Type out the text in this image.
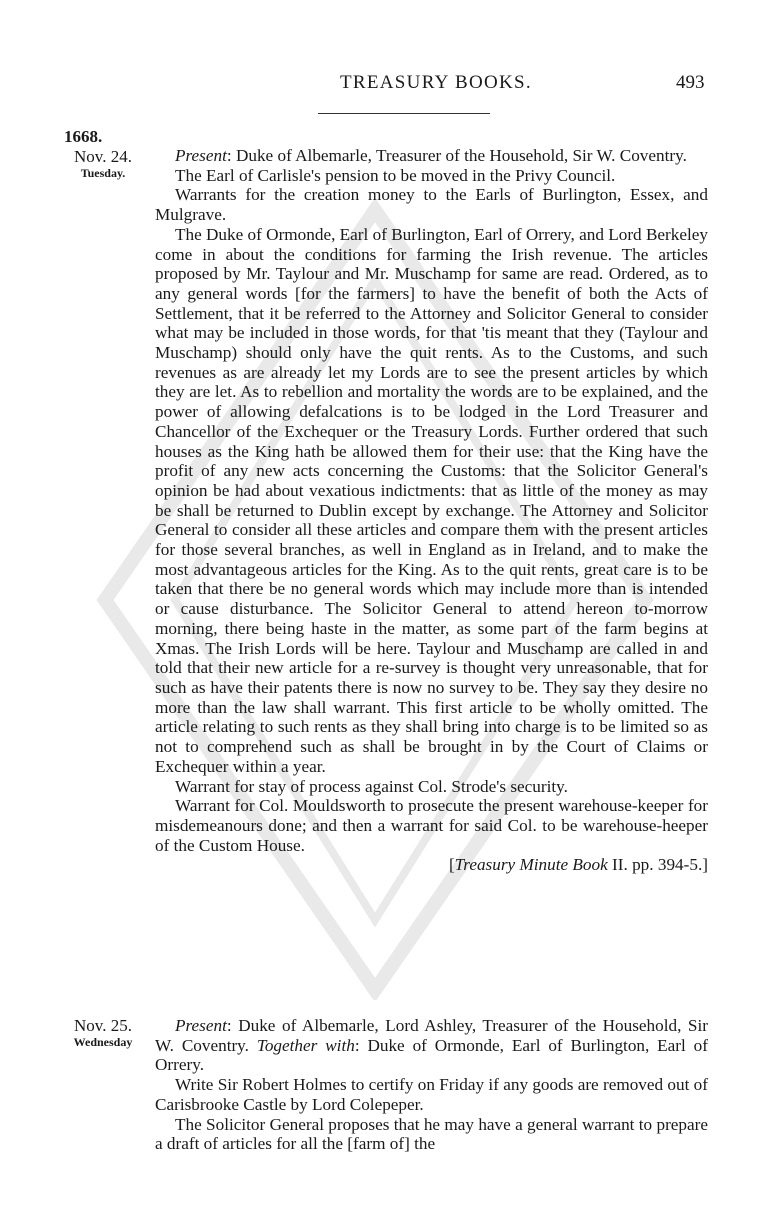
TREASURY BOOKS.	493
1668.
Nov. 24.
Tuesday.

Present: Duke of Albemarle, Treasurer of the Household, Sir W. Coventry.

The Earl of Carlisle's pension to be moved in the Privy Council.

Warrants for the creation money to the Earls of Burlington, Essex, and Mulgrave.

The Duke of Ormonde, Earl of Burlington, Earl of Orrery, and Lord Berkeley come in about the conditions for farming the Irish revenue. The articles proposed by Mr. Taylour and Mr. Muschamp for same are read. Ordered, as to any general words [for the farmers] to have the benefit of both the Acts of Settlement, that it be referred to the Attorney and Solicitor General to consider what may be included in those words, for that 'tis meant that they (Taylour and Muschamp) should only have the quit rents. As to the Customs, and such revenues as are already let my Lords are to see the present articles by which they are let. As to rebellion and mortality the words are to be explained, and the power of allowing defalcations is to be lodged in the Lord Treasurer and Chancellor of the Exchequer or the Treasury Lords. Further ordered that such houses as the King hath be allowed them for their use: that the King have the profit of any new acts concerning the Customs: that the Solicitor General's opinion be had about vexatious indictments: that as little of the money as may be shall be returned to Dublin except by exchange. The Attorney and Solicitor General to consider all these articles and compare them with the present articles for those several branches, as well in England as in Ireland, and to make the most advantageous articles for the King. As to the quit rents, great care is to be taken that there be no general words which may include more than is intended or cause disturbance. The Solicitor General to attend hereon to-morrow morning, there being haste in the matter, as some part of the farm begins at Xmas. The Irish Lords will be here. Taylour and Muschamp are called in and told that their new article for a re-survey is thought very unreasonable, that for such as have their patents there is now no survey to be. They say they desire no more than the law shall warrant. This first article to be wholly omitted. The article relating to such rents as they shall bring into charge is to be limited so as not to comprehend such as shall be brought in by the Court of Claims or Exchequer within a year.

Warrant for stay of process against Col. Strode's security.

Warrant for Col. Mouldsworth to prosecute the present warehouse-keeper for misdemeanours done; and then a warrant for said Col. to be warehouse-heeper of the Custom House.

[Treasury Minute Book II. pp. 394-5.]

Nov. 25.
Wednesday

Present: Duke of Albemarle, Lord Ashley, Treasurer of the Household, Sir W. Coventry. Together with: Duke of Ormonde, Earl of Burlington, Earl of Orrery.

Write Sir Robert Holmes to certify on Friday if any goods are removed out of Carisbrooke Castle by Lord Colepeper.

The Solicitor General proposes that he may have a general warrant to prepare a draft of articles for all the [farm of] the
